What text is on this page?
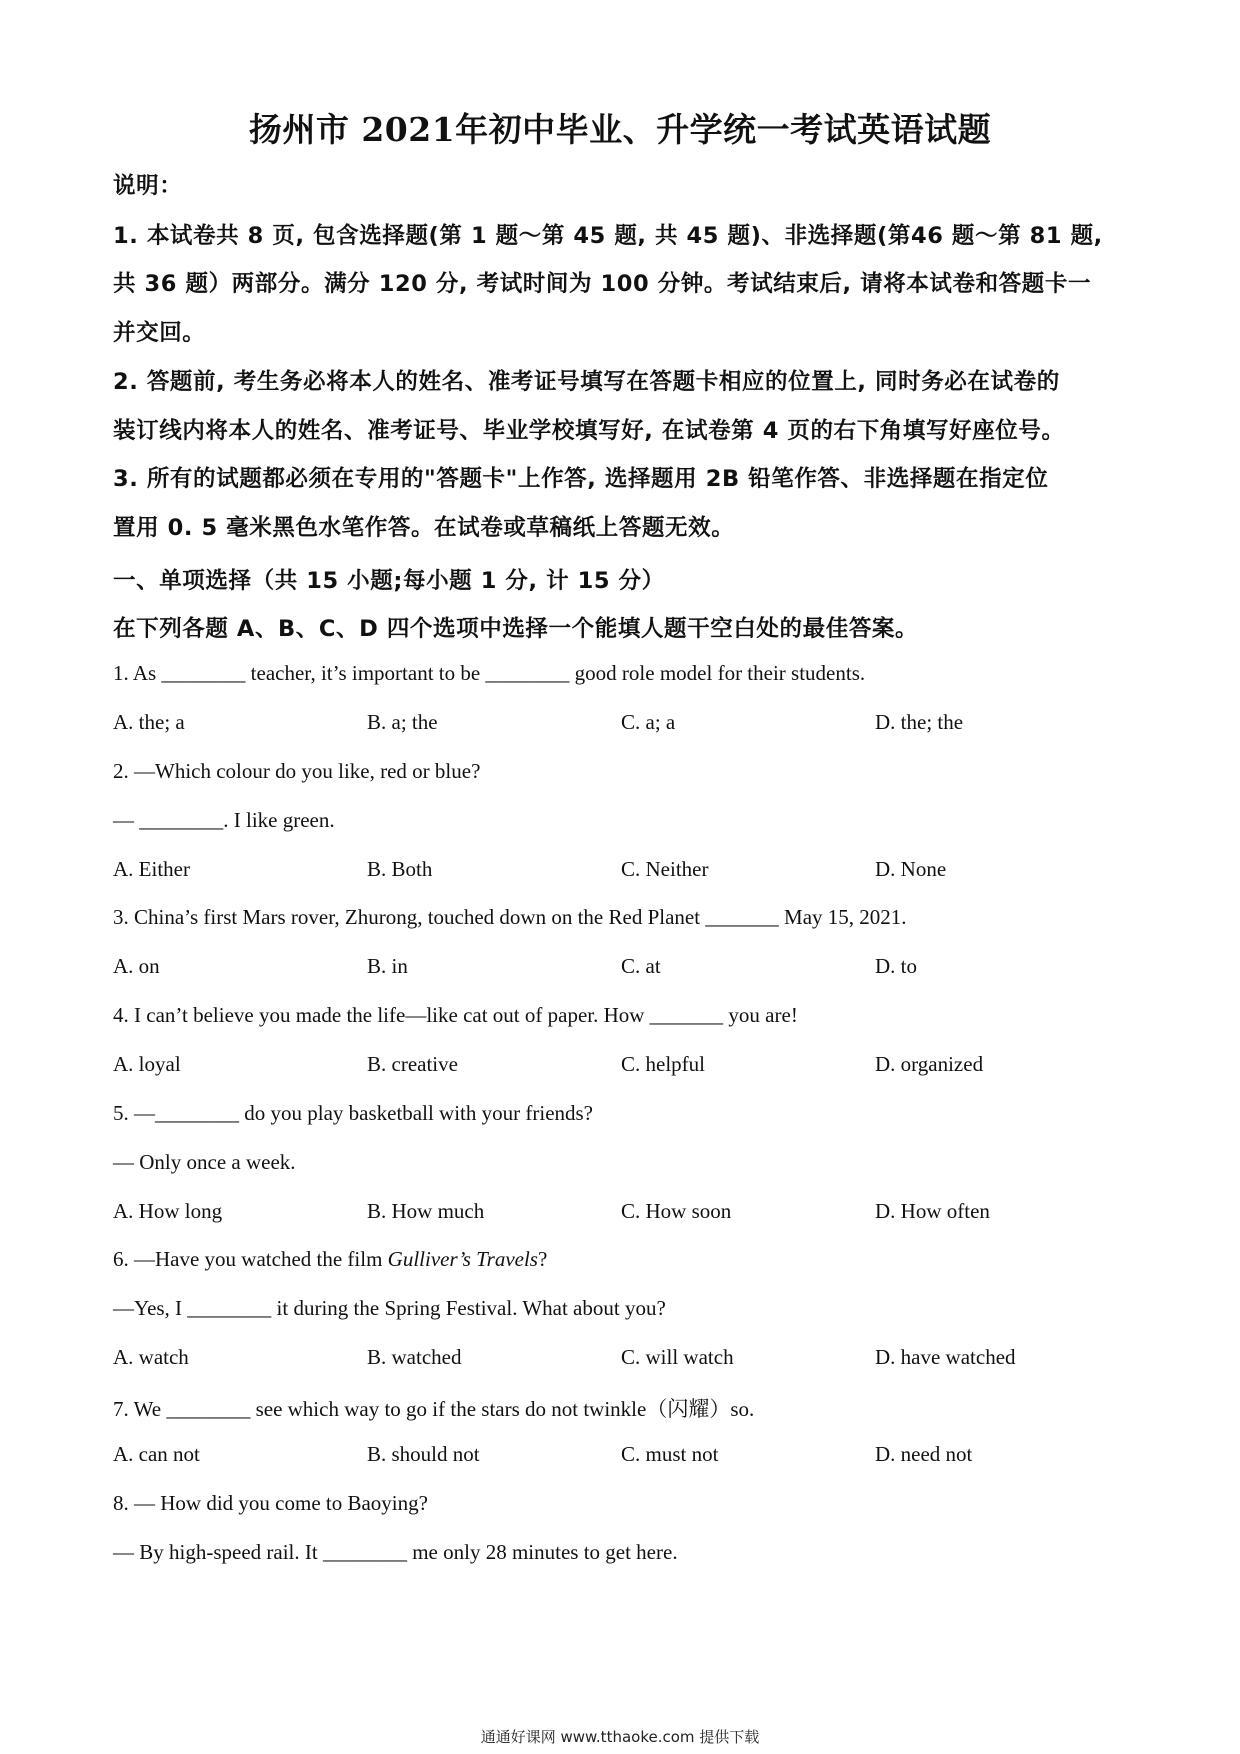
扬州市 2021年初中毕业、升学统一考试英语试题
说明：
1. 本试卷共 8 页, 包含选择题(第 1 题～第 45 题, 共 45 题)、非选择题(第46 题～第 81 题,
共 36 题）两部分。满分 120 分, 考试时间为 100 分钟。考试结束后, 请将本试卷和答题卡一
并交回。
2. 答题前, 考生务必将本人的姓名、准考证号填写在答题卡相应的位置上, 同时务必在试卷的
装订线内将本人的姓名、准考证号、毕业学校填写好, 在试卷第 4 页的右下角填写好座位号。
3. 所有的试题都必须在专用的"答题卡"上作答, 选择题用 2B 铅笔作答、非选择题在指定位
置用 0. 5 毫米黑色水笔作答。在试卷或草稿纸上答题无效。
一、单项选择（共 15 小题;每小题 1 分, 计 15 分）
在下列各题 A、B、C、D 四个选项中选择一个能填人题干空白处的最佳答案。
1. As ________ teacher, it’s important to be ________ good role model for their students.
A. the; a	B. a; the	C. a; a	D. the; the
2. —Which colour do you like, red or blue?
— ________. I like green.
A. Either	B. Both	C. Neither	D. None
3. China’s first Mars rover, Zhurong, touched down on the Red Planet _______ May 15, 2021.
A. on	B. in	C. at	D. to
4. I can’t believe you made the life—like cat out of paper. How _______ you are!
A. loyal	B. creative	C. helpful	D. organized
5. —________ do you play basketball with your friends?
— Only once a week.
A. How long	B. How much	C. How soon	D. How often
6. —Have you watched the film Gulliver’s Travels?
—Yes, I ________ it during the Spring Festival. What about you?
A. watch	B. watched	C. will watch	D. have watched
7. We ________ see which way to go if the stars do not twinkle（闪耀）so.
A. can not	B. should not	C. must not	D. need not
8. — How did you come to Baoying?
— By high-speed rail. It ________ me only 28 minutes to get here.
通通好课网 www.tthaoke.com 提供下载
